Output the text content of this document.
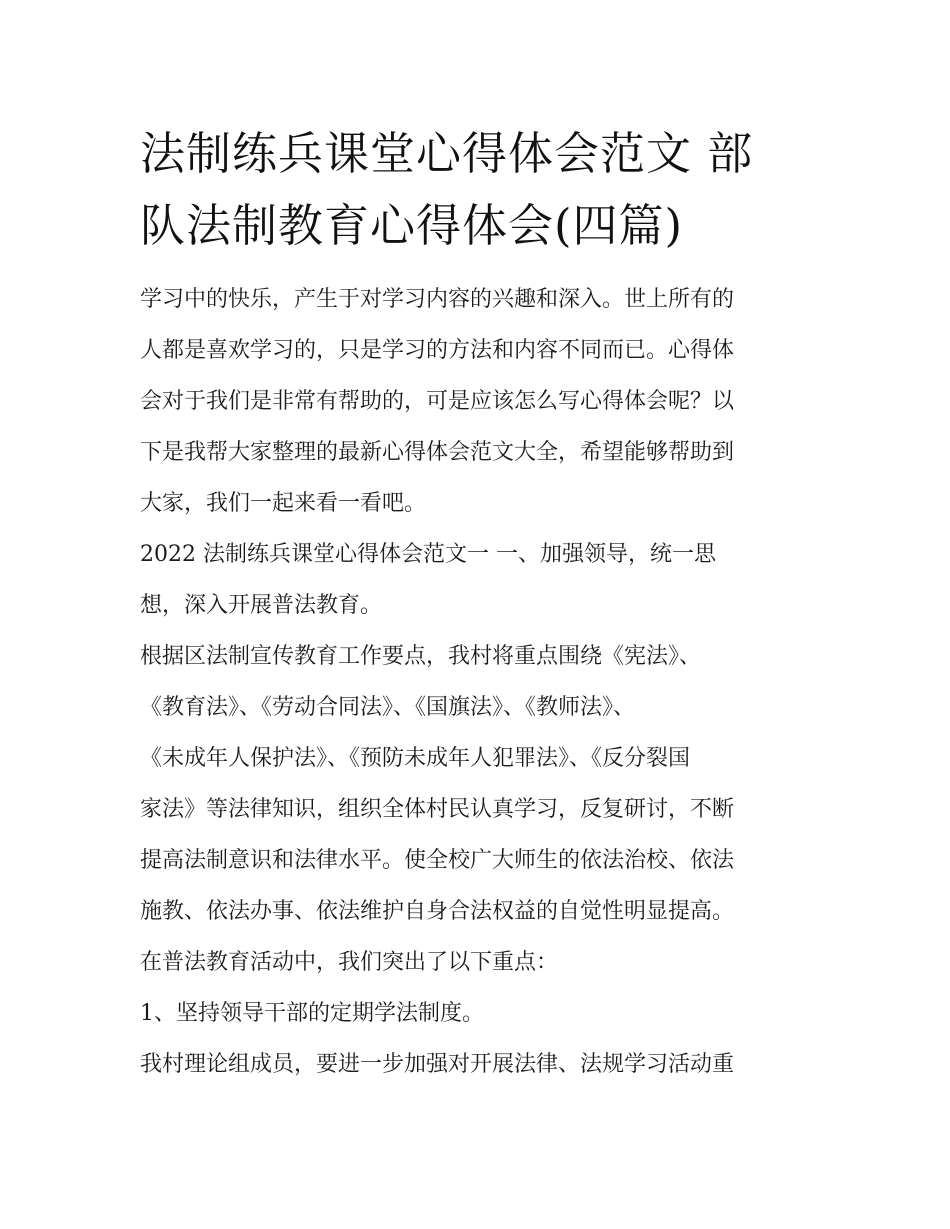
法制练兵课堂心得体会范文 部
队法制教育心得体会(四篇)

学习中的快乐，产生于对学习内容的兴趣和深入。世上所有的
人都是喜欢学习的，只是学习的方法和内容不同而已。心得体
会对于我们是非常有帮助的，可是应该怎么写心得体会呢？以
下是我帮大家整理的最新心得体会范文大全，希望能够帮助到
大家，我们一起来看一看吧。

2022 法制练兵课堂心得体会范文一 一、加强领导，统一思
想，深入开展普法教育。

根据区法制宣传教育工作要点，我村将重点围绕《宪法》、
《教育法》、《劳动合同法》、《国旗法》、《教师法》、
《未成年人保护法》、《预防未成年人犯罪法》、《反分裂国
家法》等法律知识，组织全体村民认真学习，反复研讨，不断
提高法制意识和法律水平。使全校广大师生的依法治校、依法
施教、依法办事、依法维护自身合法权益的自觉性明显提高。
在普法教育活动中，我们突出了以下重点：

1、坚持领导干部的定期学法制度。

我村理论组成员，要进一步加强对开展法律、法规学习活动重
